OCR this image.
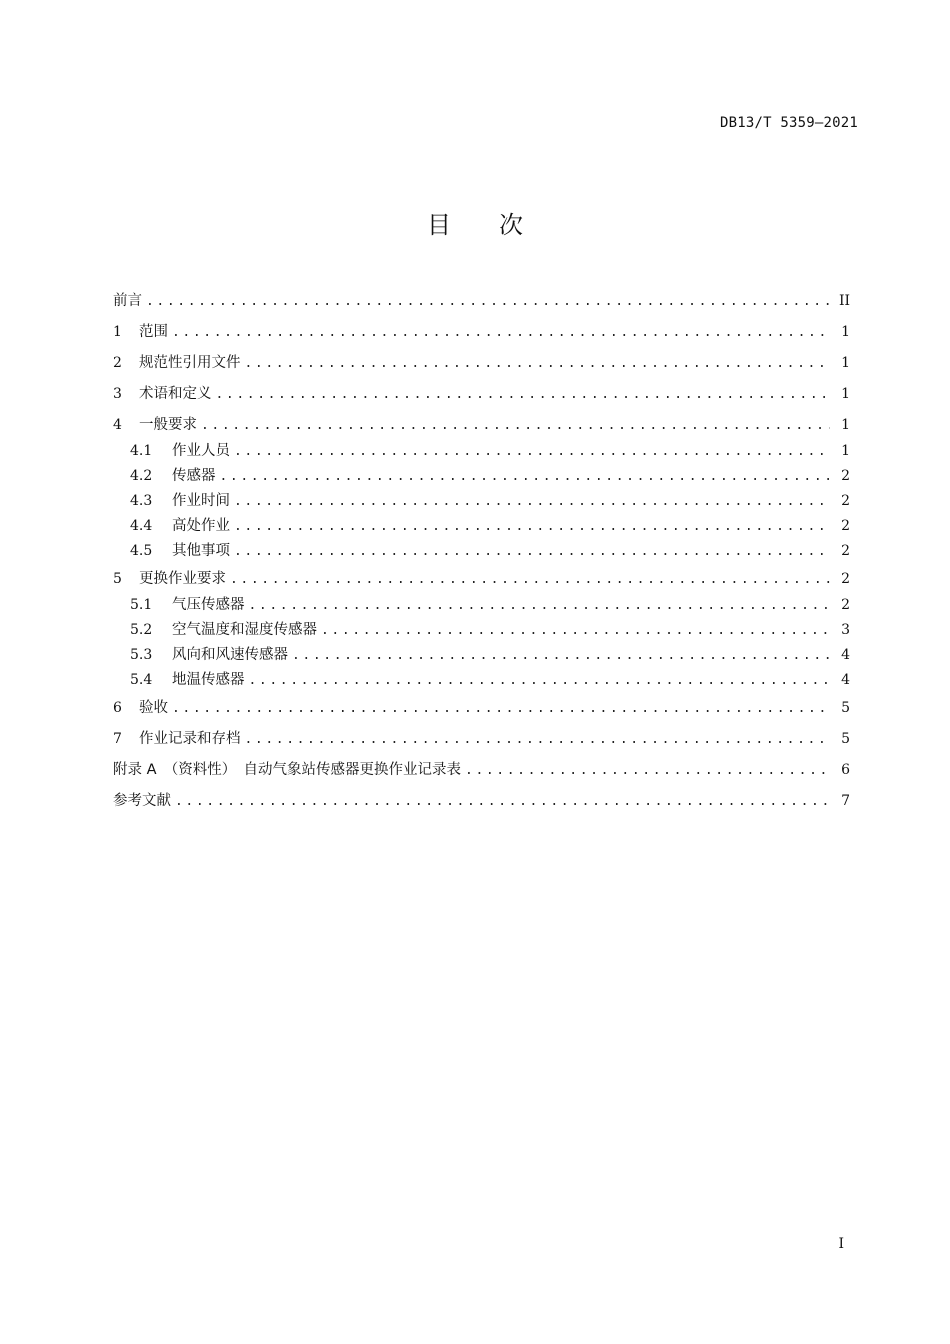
DB13/T 5359—2021
目 次
前言 .....	II
1	范围 .....	1
2	规范性引用文件 .....	1
3	术语和定义 .....	1
4	一般要求 .....	1
4.1	作业人员 .....	1
4.2	传感器 .....	2
4.3	作业时间 .....	2
4.4	高处作业 .....	2
4.5	其他事项 .....	2
5	更换作业要求 .....	2
5.1	气压传感器 .....	2
5.2	空气温度和湿度传感器 .....	3
5.3	风向和风速传感器 .....	4
5.4	地温传感器 .....	4
6	验收 .....	5
7	作业记录和存档 .....	5
附录 A　（资料性）　自动气象站传感器更换作业记录表 .....	6
参考文献 .....	7
I
